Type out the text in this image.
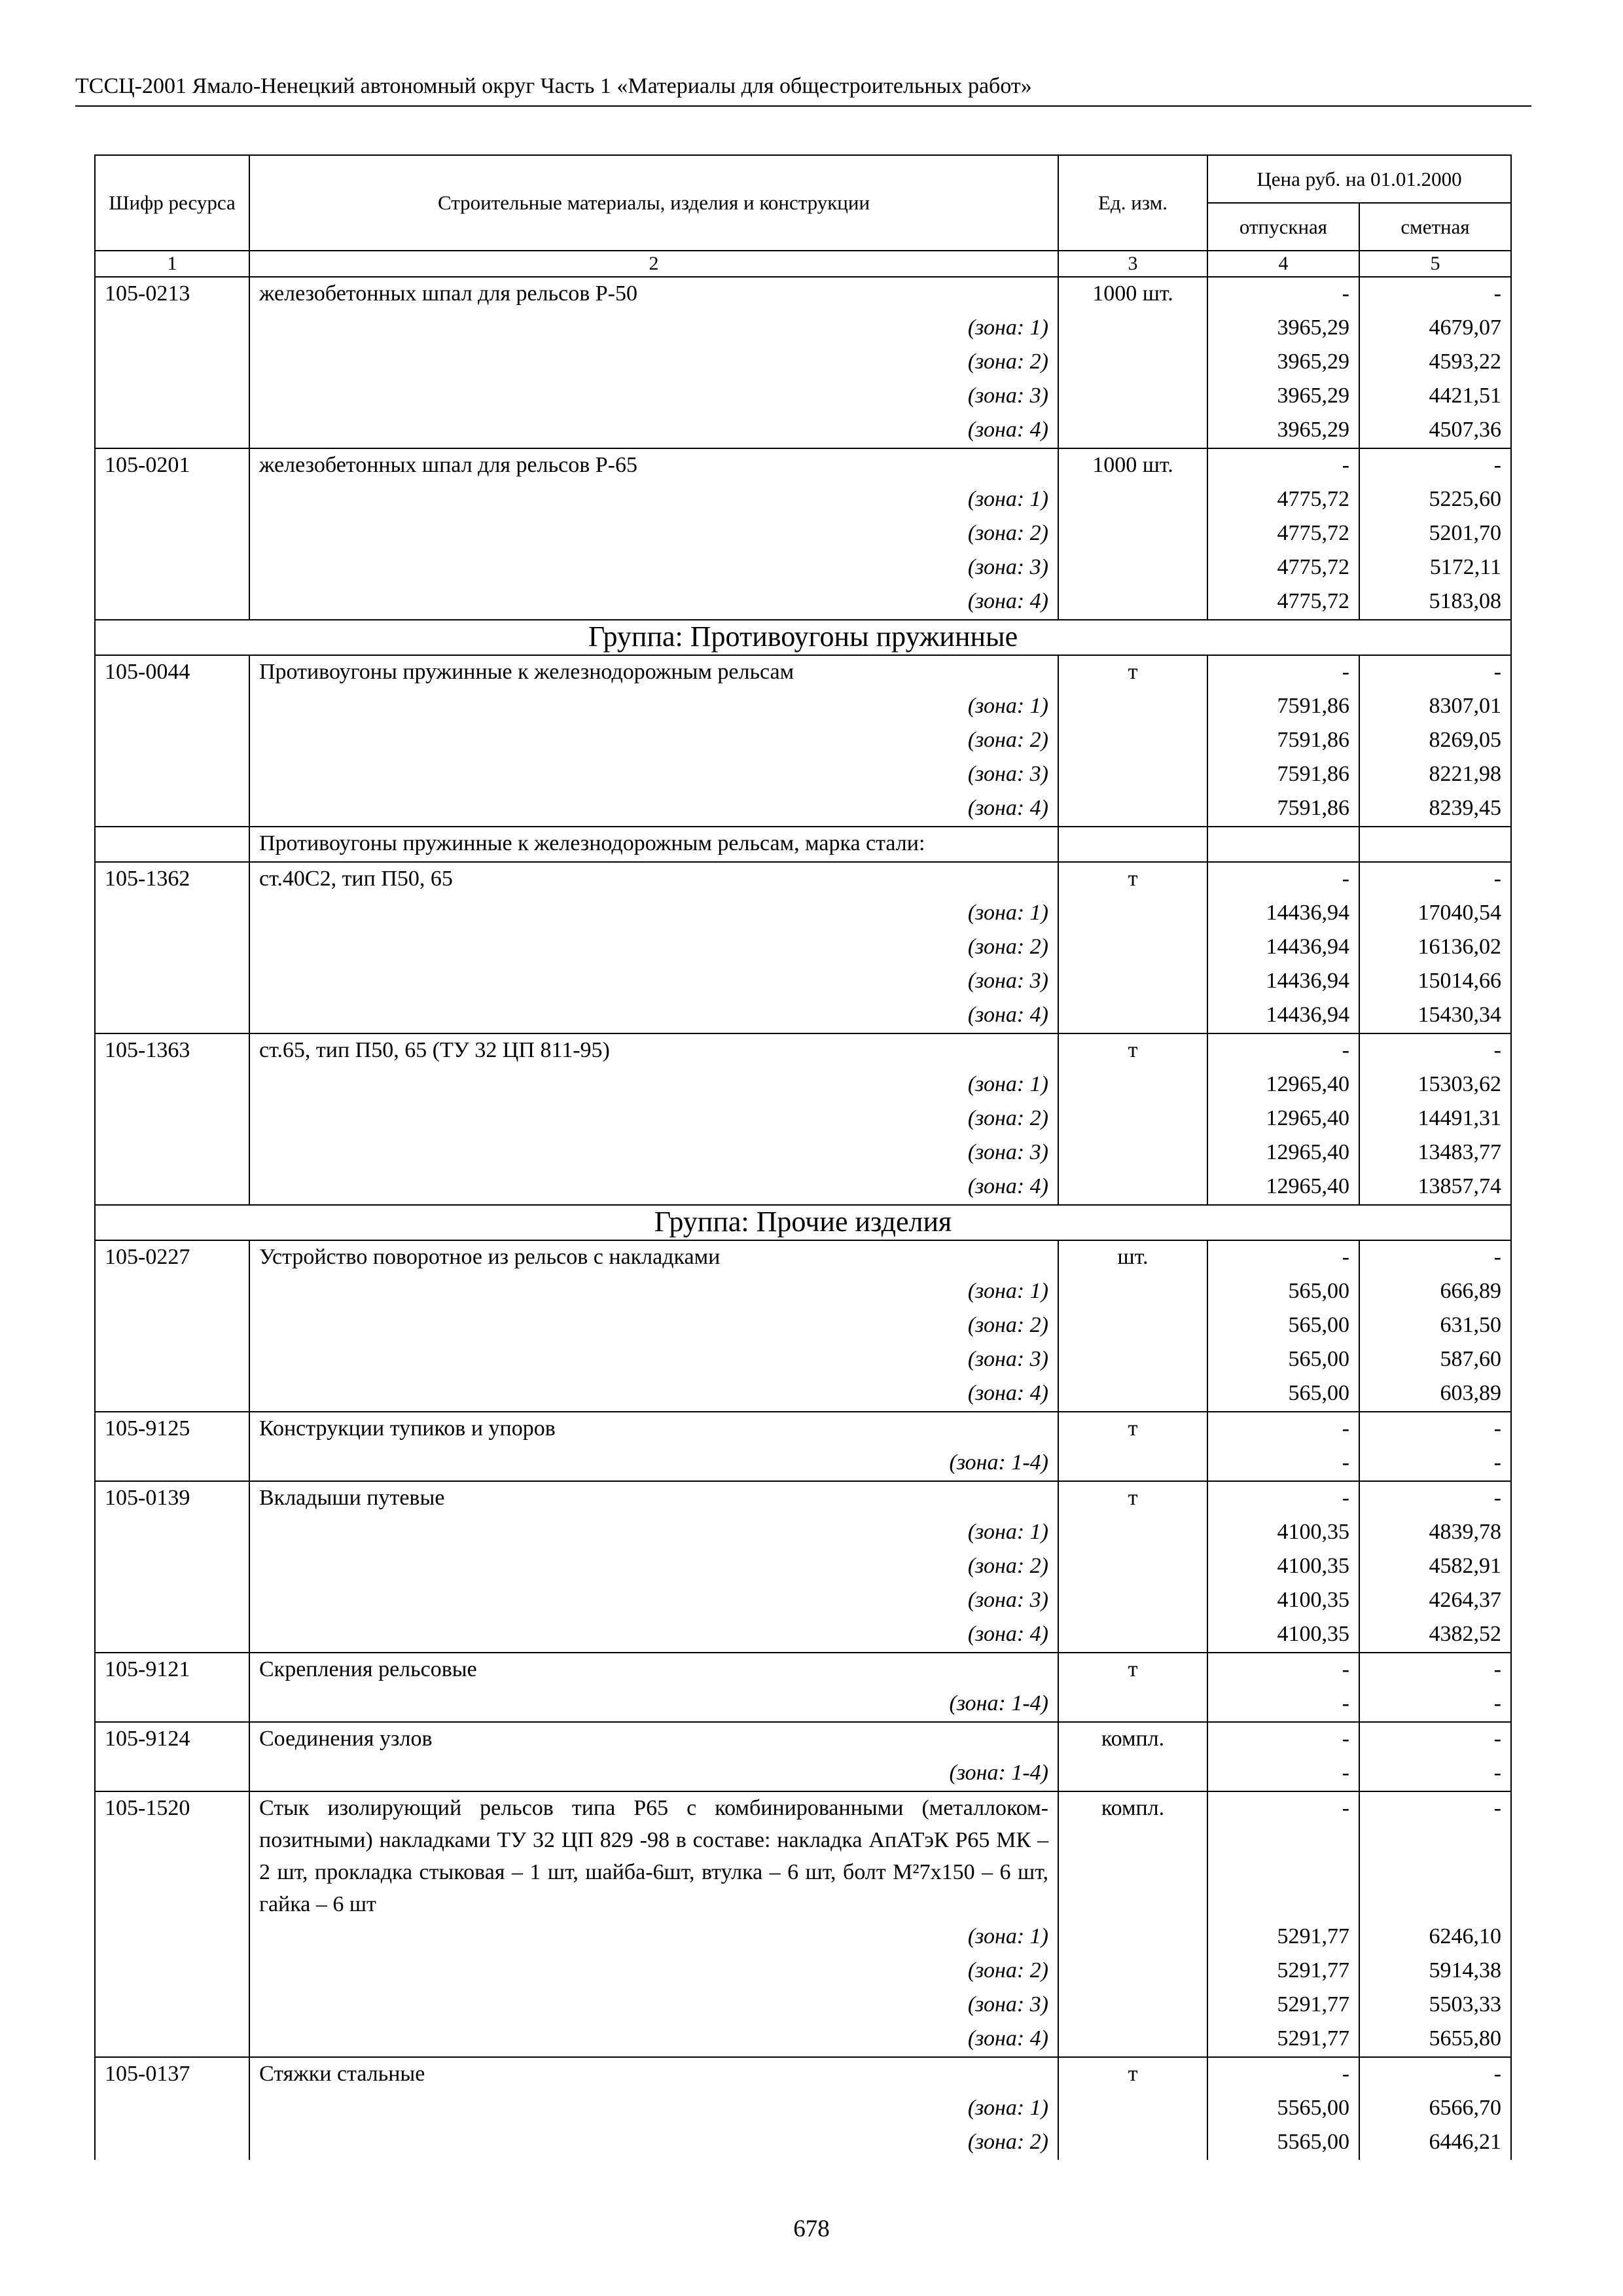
ТССЦ-2001 Ямало-Ненецкий автономный округ Часть 1 «Материалы для общестроительных работ»
Шифр ресурса	Строительные материалы, изделия и конструкции	Ед. изм.	Цена руб. на 01.01.2000	
			отпускная	сметная
1	2	3	4	5
105-0213	железобетонных шпал для рельсов Р-50	1000 шт.	-	-
	(зона: 1)		3965,29	4679,07
	(зона: 2)		3965,29	4593,22
	(зона: 3)		3965,29	4421,51
	(зона: 4)		3965,29	4507,36
105-0201	железобетонных шпал для рельсов Р-65	1000 шт.	-	-
	(зона: 1)		4775,72	5225,60
	(зона: 2)		4775,72	5201,70
	(зона: 3)		4775,72	5172,11
	(зона: 4)		4775,72	5183,08
Группа: Противоугоны пружинные				
105-0044	Противоугоны пружинные к железнодорожным рельсам	т	-	-
	(зона: 1)		7591,86	8307,01
	(зона: 2)		7591,86	8269,05
	(зона: 3)		7591,86	8221,98
	(зона: 4)		7591,86	8239,45
	Противоугоны пружинные к железнодорожным рельсам, марка стали:			
105-1362	ст.40С2, тип П50, 65	т	-	-
	(зона: 1)		14436,94	17040,54
	(зона: 2)		14436,94	16136,02
	(зона: 3)		14436,94	15014,66
	(зона: 4)		14436,94	15430,34
105-1363	ст.65, тип П50, 65 (ТУ 32 ЦП 811-95)	т	-	-
	(зона: 1)		12965,40	15303,62
	(зона: 2)		12965,40	14491,31
	(зона: 3)		12965,40	13483,77
	(зона: 4)		12965,40	13857,74
Группа: Прочие изделия				
105-0227	Устройство поворотное из рельсов с накладками	шт.	-	-
	(зона: 1)		565,00	666,89
	(зона: 2)		565,00	631,50
	(зона: 3)		565,00	587,60
	(зона: 4)		565,00	603,89
105-9125	Конструкции тупиков и упоров	т	-	-
	(зона: 1-4)		-	-
105-0139	Вкладыши путевые	т	-	-
	(зона: 1)		4100,35	4839,78
	(зона: 2)		4100,35	4582,91
	(зона: 3)		4100,35	4264,37
	(зона: 4)		4100,35	4382,52
105-9121	Скрепления рельсовые	т	-	-
	(зона: 1-4)		-	-
105-9124	Соединения узлов	компл.	-	-
	(зона: 1-4)		-	-
105-1520	Стык изолирующий рельсов типа Р65 с комбинированными (металлоком-позитными) накладками ТУ 32 ЦП 829 -98 в составе: накладка АпАТэК Р65 МК – 2 шт, прокладка стыковая – 1 шт, шайба-6шт, втулка – 6 шт, болт М²7х150 – 6 шт, гайка – 6 шт	компл.	-	-
	(зона: 1)		5291,77	6246,10
	(зона: 2)		5291,77	5914,38
	(зона: 3)		5291,77	5503,33
	(зона: 4)		5291,77	5655,80
105-0137	Стяжки стальные	т	-	-
	(зона: 1)		5565,00	6566,70
	(зона: 2)		5565,00	6446,21
678
